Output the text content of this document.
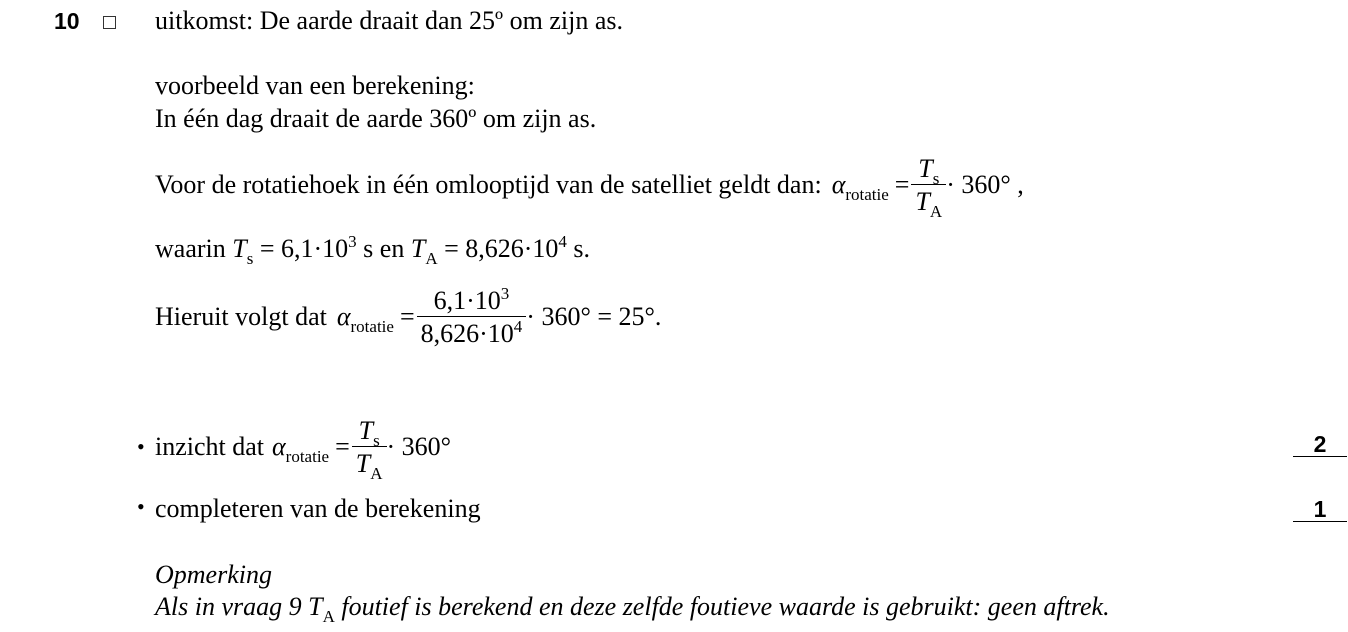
10	uitkomst: De aarde draait dan 25º om zijn as.
voorbeeld van een berekening:
In één dag draait de aarde 360º om zijn as.
Voor de rotatiehoek in één omlooptijd van de satelliet geldt dan: $\alpha_{rotatie} = \frac{T_s}{T_A} \cdot 360^\circ$ ,
waarin $T_s = 6,1\cdot 10^3$ s en $T_A = 8,626\cdot 10^4$ s.
Hieruit volgt dat $\alpha_{rotatie} = \frac{6,1\cdot 10^3}{8,626\cdot 10^4} \cdot 360^\circ = 25^\circ$.
• inzicht dat $\alpha_{rotatie} = \frac{T_s}{T_A} \cdot 360^\circ$	2
• completeren van de berekening	1
Opmerking
Als in vraag 9 $T_A$ foutief is berekend en deze zelfde foutieve waarde is gebruikt: geen aftrek.
